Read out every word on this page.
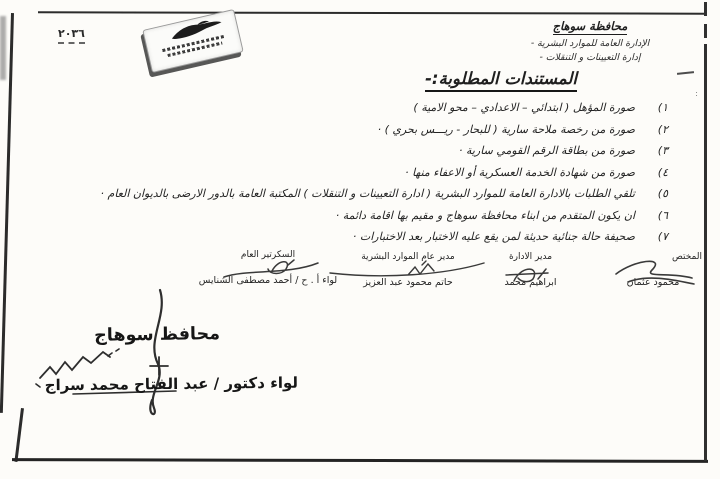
:
محافظة سوهاج
الإدارة العامة للموارد البشرية -
إدارة التعيينات و التنقلات -
٢٠٣٦
المستندات المطلوبة:-
١)
صورة المؤهل ( ابتدائي – الاعدادي – محو الامية )
٢)
صورة من رخصة ملاحة سارية ( للبحار - ريـــس بحري ) ·
٣)
صورة من بطاقة الرقم القومي سارية ·
٤)
صورة من شهادة الخدمة العسكرية أو الاعفاء منها ·
٥)
تلقي الطلبات بالادارة العامة للموارد البشرية ( ادارة التعيينات و التنقلات ) المكتبة العامة بالدور الارضى بالديوان العام ·
٦)
ان يكون المتقدم من ابناء محافظة سوهاج و مقيم بها اقامة دائمة ·
٧)
صحيفة حالة جنائية حديثة لمن يقع عليه الاختبار بعد الاختبارات ·
المختص
محمود عثمان
مدير الادارة
ابراهيم محمد
مدير عام الموارد البشرية
حاتم محمود عبد العزيز
السكرتير العام
لواء أ . ح / أحمد مصطفى الشنايس
محافظ سوهاج
لواء دكتور / عبد الفتاح محمد سراج
